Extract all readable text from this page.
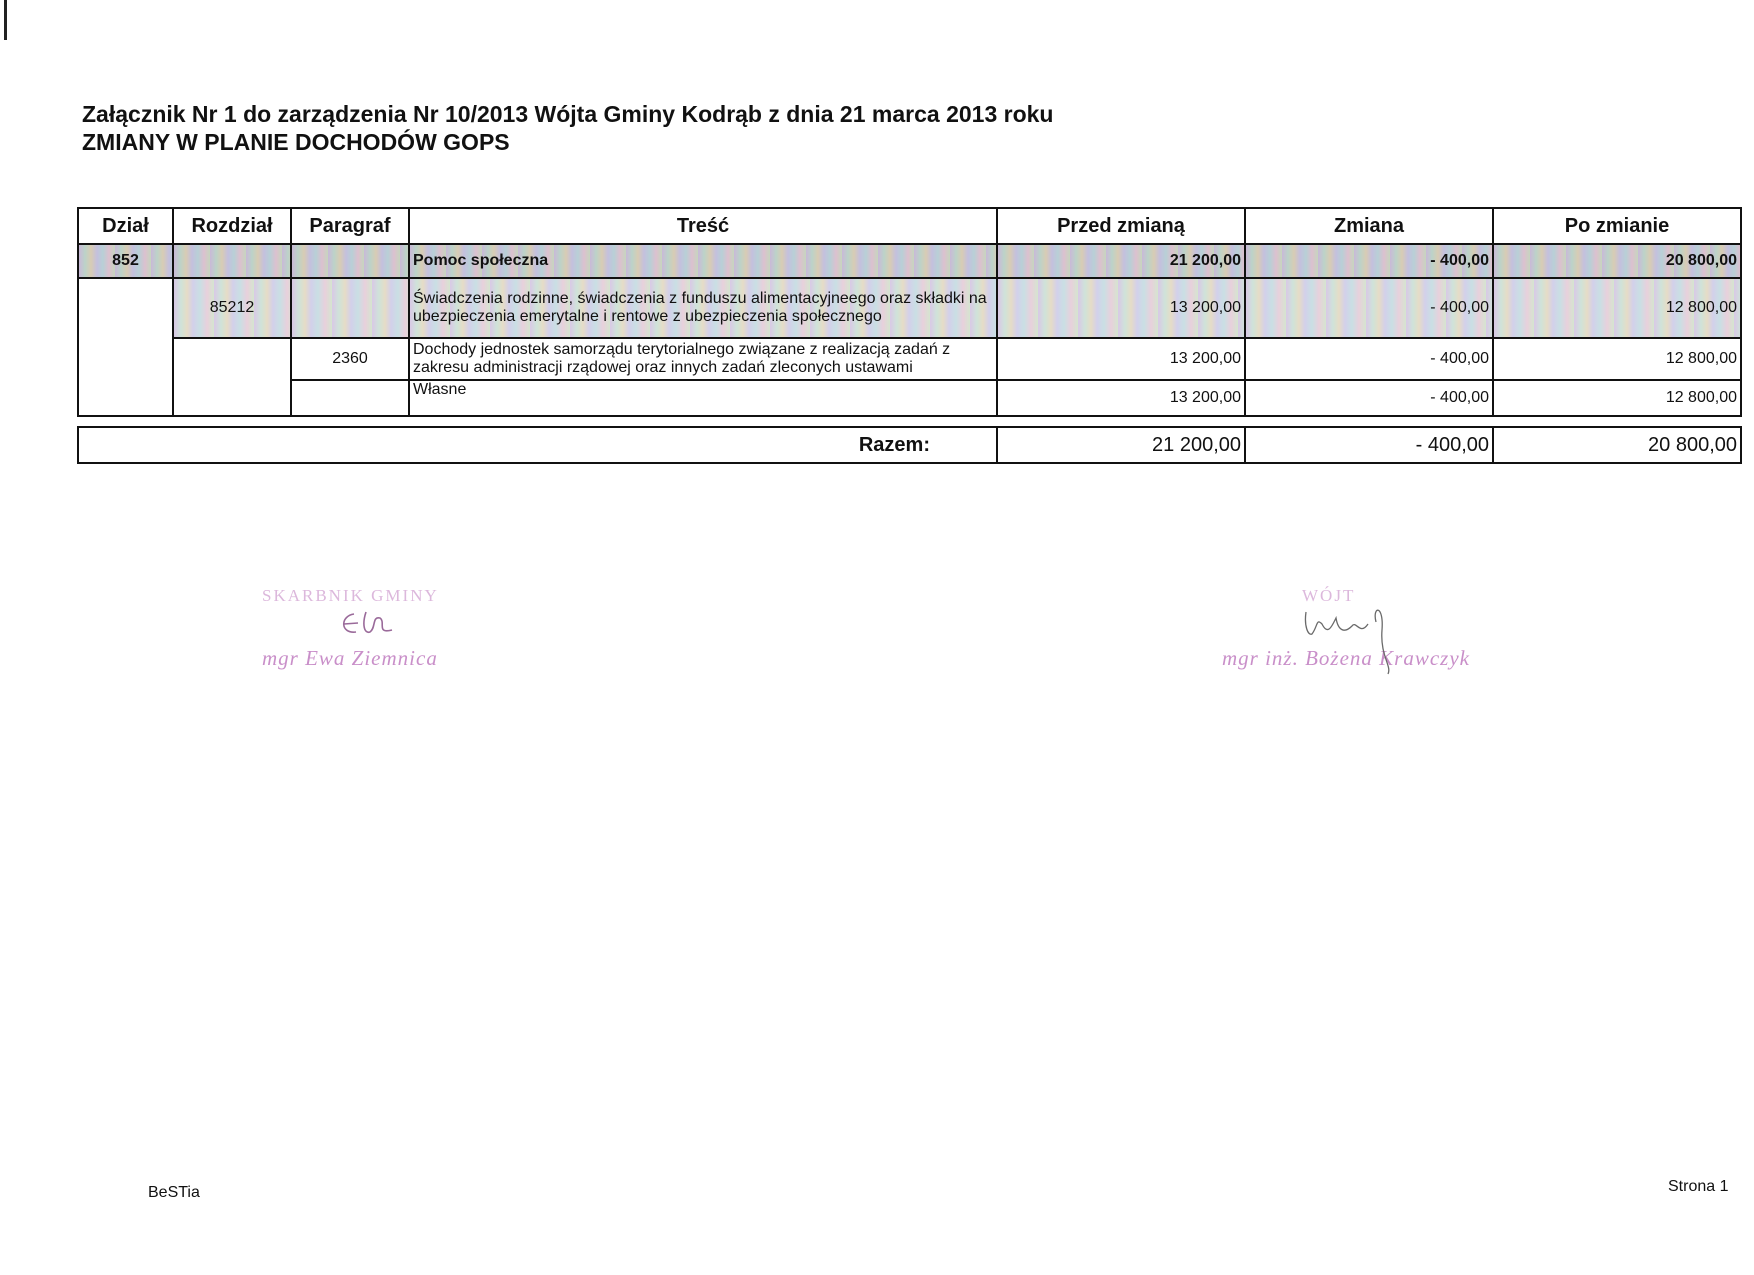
Załącznik Nr 1 do zarządzenia Nr 10/2013 Wójta Gminy Kodrąb z dnia 21 marca 2013 roku
ZMIANY W PLANIE DOCHODÓW GOPS
Dział	Rozdział	Paragraf	Treść	Przed zmianą	Zmiana	Po zmianie
852			Pomoc społeczna	21 200,00	- 400,00	20 800,00
	85212		Świadczenia rodzinne, świadczenia z funduszu alimentacyjneego oraz składki na ubezpieczenia emerytalne i rentowe z ubezpieczenia społecznego	13 200,00	- 400,00	12 800,00
		2360	Dochody jednostek samorządu terytorialnego związane z realizacją zadań z zakresu administracji rządowej oraz innych zadań zleconych ustawami	13 200,00	- 400,00	12 800,00
			Własne	13 200,00	- 400,00	12 800,00
Razem:	21 200,00	- 400,00	20 800,00
SKARBNIK GMINY
mgr Ewa Ziemnica
WÓJT
mgr inż. Bożena Krawczyk
BeSTia	Strona 1
